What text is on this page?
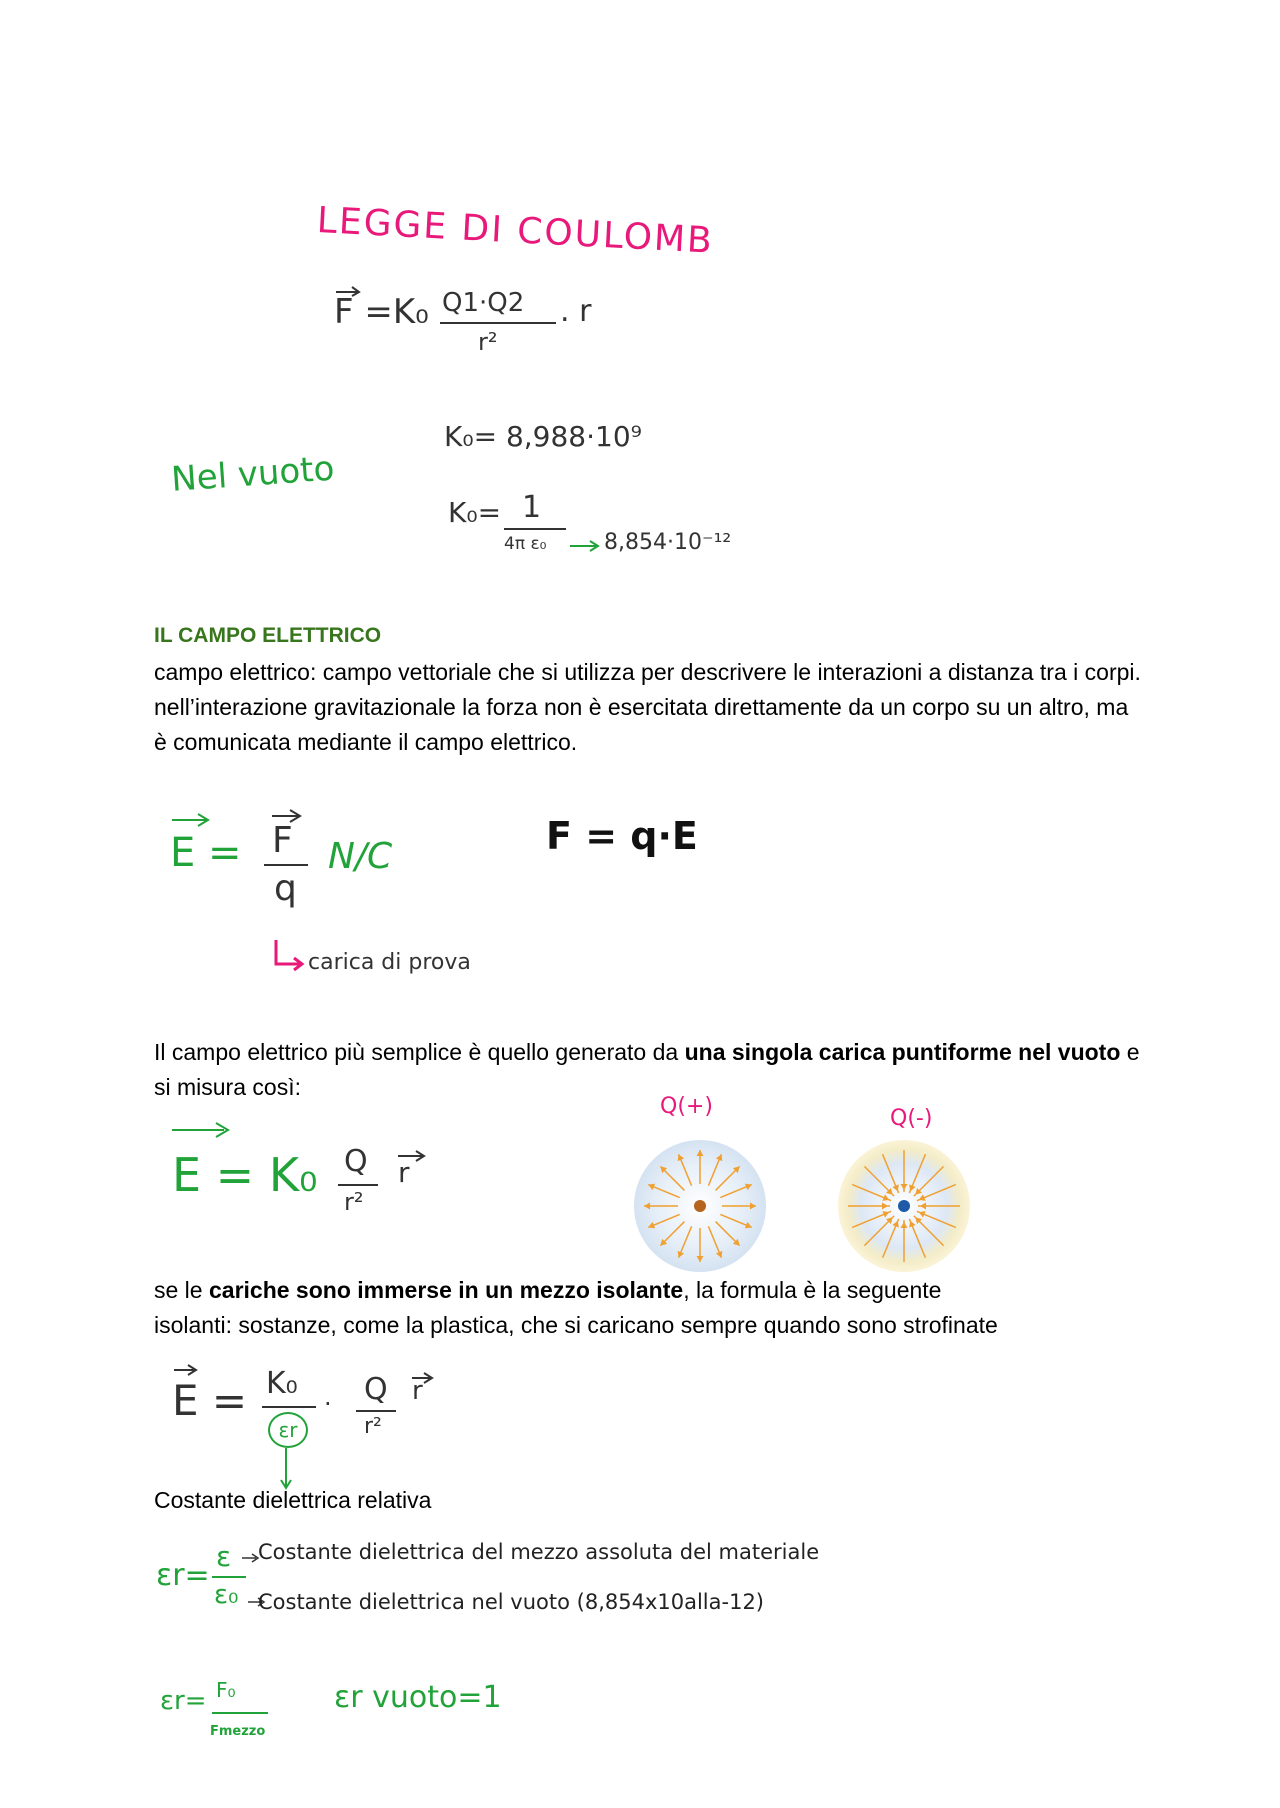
LEGGE DI COULOMB
F =K₀ Q1·Q2
r²
. r
K₀= 8,988·10⁹
Nel vuoto
K₀= 1
4π ε₀	8,854·10⁻¹²
IL CAMPO ELETTRICO
campo elettrico: campo vettoriale che si utilizza per descrivere le interazioni a distanza tra i corpi. nell’interazione gravitazionale la forza non è esercitata direttamente da un corpo su un altro, ma è comunicata mediante il campo elettrico.
E = F
q
N/C	F = q·E
carica di prova
Il campo elettrico più semplice è quello generato da una singola carica puntiforme nel vuoto e si misura così:
E = K₀ Q
r²
r
Q(+)	Q(-)
se le cariche sono immerse in un mezzo isolante, la formula è la seguente
isolanti: sostanze, come la plastica, che si caricano sempre quando sono strofinate
E = K₀
εr
· Q
r²
r
Costante dielettrica relativa
εr=
ε
ε₀
Costante dielettrica del mezzo assoluta del materiale
Costante dielettrica nel vuoto (8,854x10alla-12)
εr= F₀
Fmezzo
εr vuoto=1
